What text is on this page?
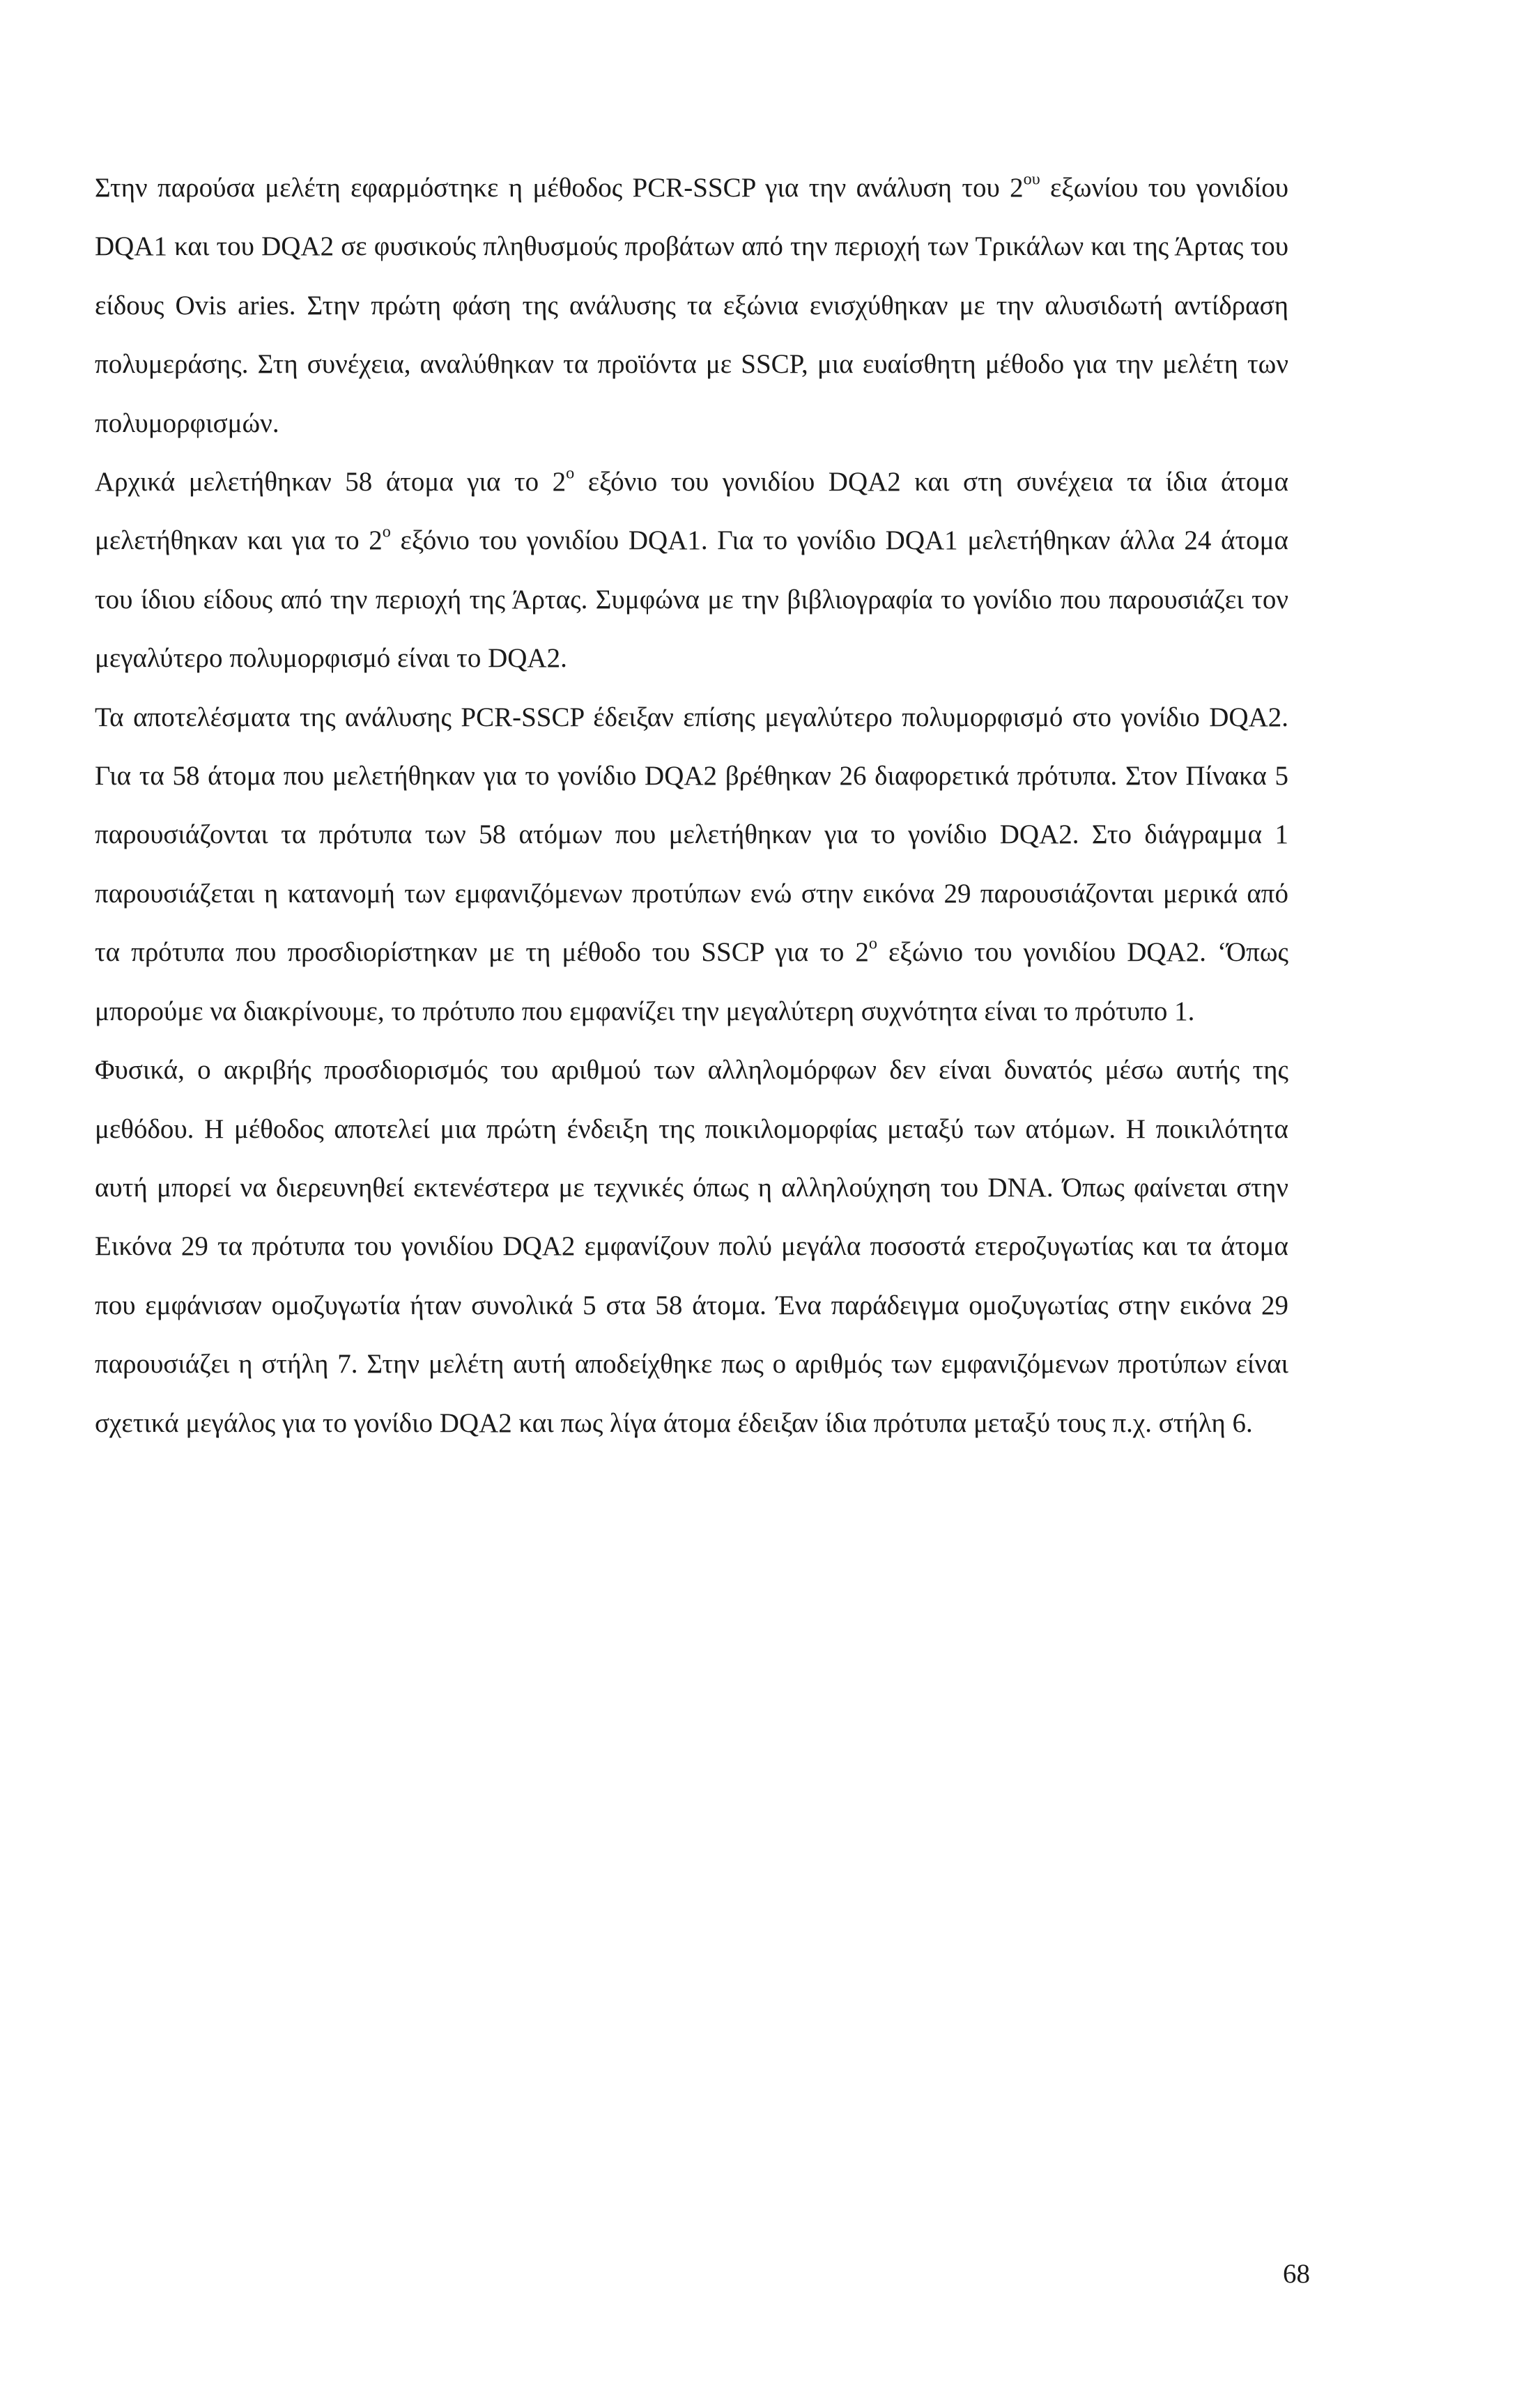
Στην παρούσα μελέτη εφαρμόστηκε η μέθοδος PCR-SSCP για την ανάλυση του $2^{o\upsilon}$ εξωνίου του γονιδίου DQA1 και του DQA2 σε φυσικούς πληθυσμούς προβάτων από την περιοχή των Τρικάλων και της Άρτας του είδους Ovis aries. Στην πρώτη φάση της ανάλυσης τα εξώνια ενισχύθηκαν με την αλυσιδωτή αντίδραση πολυμεράσης. Στη συνέχεια, αναλύθηκαν τα προϊόντα με SSCP, μια ευαίσθητη μέθοδο για την μελέτη των πολυμορφισμών.

Αρχικά μελετήθηκαν 58 άτομα για το $2^o$ εξόνιο του γονιδίου DQA2 και στη συνέχεια τα ίδια άτομα μελετήθηκαν και για το $2^o$ εξόνιο του γονιδίου DQA1. Για το γονίδιο DQA1 μελετήθηκαν άλλα 24 άτομα του ίδιου είδους από την περιοχή της Άρτας. Συμφώνα με την βιβλιογραφία το γονίδιο που παρουσιάζει τον μεγαλύτερο πολυμορφισμό είναι το DQA2.

Τα αποτελέσματα της ανάλυσης PCR-SSCP έδειξαν επίσης μεγαλύτερο πολυμορφισμό στο γονίδιο DQA2. Για τα 58 άτομα που μελετήθηκαν για το γονίδιο DQA2 βρέθηκαν 26 διαφορετικά πρότυπα. Στον Πίνακα 5 παρουσιάζονται τα πρότυπα των 58 ατόμων που μελετήθηκαν για το γονίδιο DQA2. Στο διάγραμμα 1 παρουσιάζεται η κατανομή των εμφανιζόμενων προτύπων ενώ στην εικόνα 29 παρουσιάζονται μερικά από τα πρότυπα που προσδιορίστηκαν με τη μέθοδο του SSCP για το $2^o$ εξώνιο του γονιδίου DQA2. ‘Όπως μπορούμε να διακρίνουμε, το πρότυπο που εμφανίζει την μεγαλύτερη συχνότητα είναι το πρότυπο 1.

Φυσικά, ο ακριβής προσδιορισμός του αριθμού των αλληλομόρφων δεν είναι δυνατός μέσω αυτής της μεθόδου. Η μέθοδος αποτελεί μια πρώτη ένδειξη της ποικιλομορφίας μεταξύ των ατόμων. Η ποικιλότητα αυτή μπορεί να διερευνηθεί εκτενέστερα με τεχνικές όπως η αλληλούχηση του DNA. Όπως φαίνεται στην Εικόνα 29 τα πρότυπα του γονιδίου DQA2 εμφανίζουν πολύ μεγάλα ποσοστά ετεροζυγωτίας και τα άτομα που εμφάνισαν ομοζυγωτία ήταν συνολικά 5 στα 58 άτομα. Ένα παράδειγμα ομοζυγωτίας στην εικόνα 29 παρουσιάζει η στήλη 7. Στην μελέτη αυτή αποδείχθηκε πως ο αριθμός των εμφανιζόμενων προτύπων είναι σχετικά μεγάλος για το γονίδιο DQA2 και πως λίγα άτομα έδειξαν ίδια πρότυπα μεταξύ τους π.χ. στήλη 6.

68
